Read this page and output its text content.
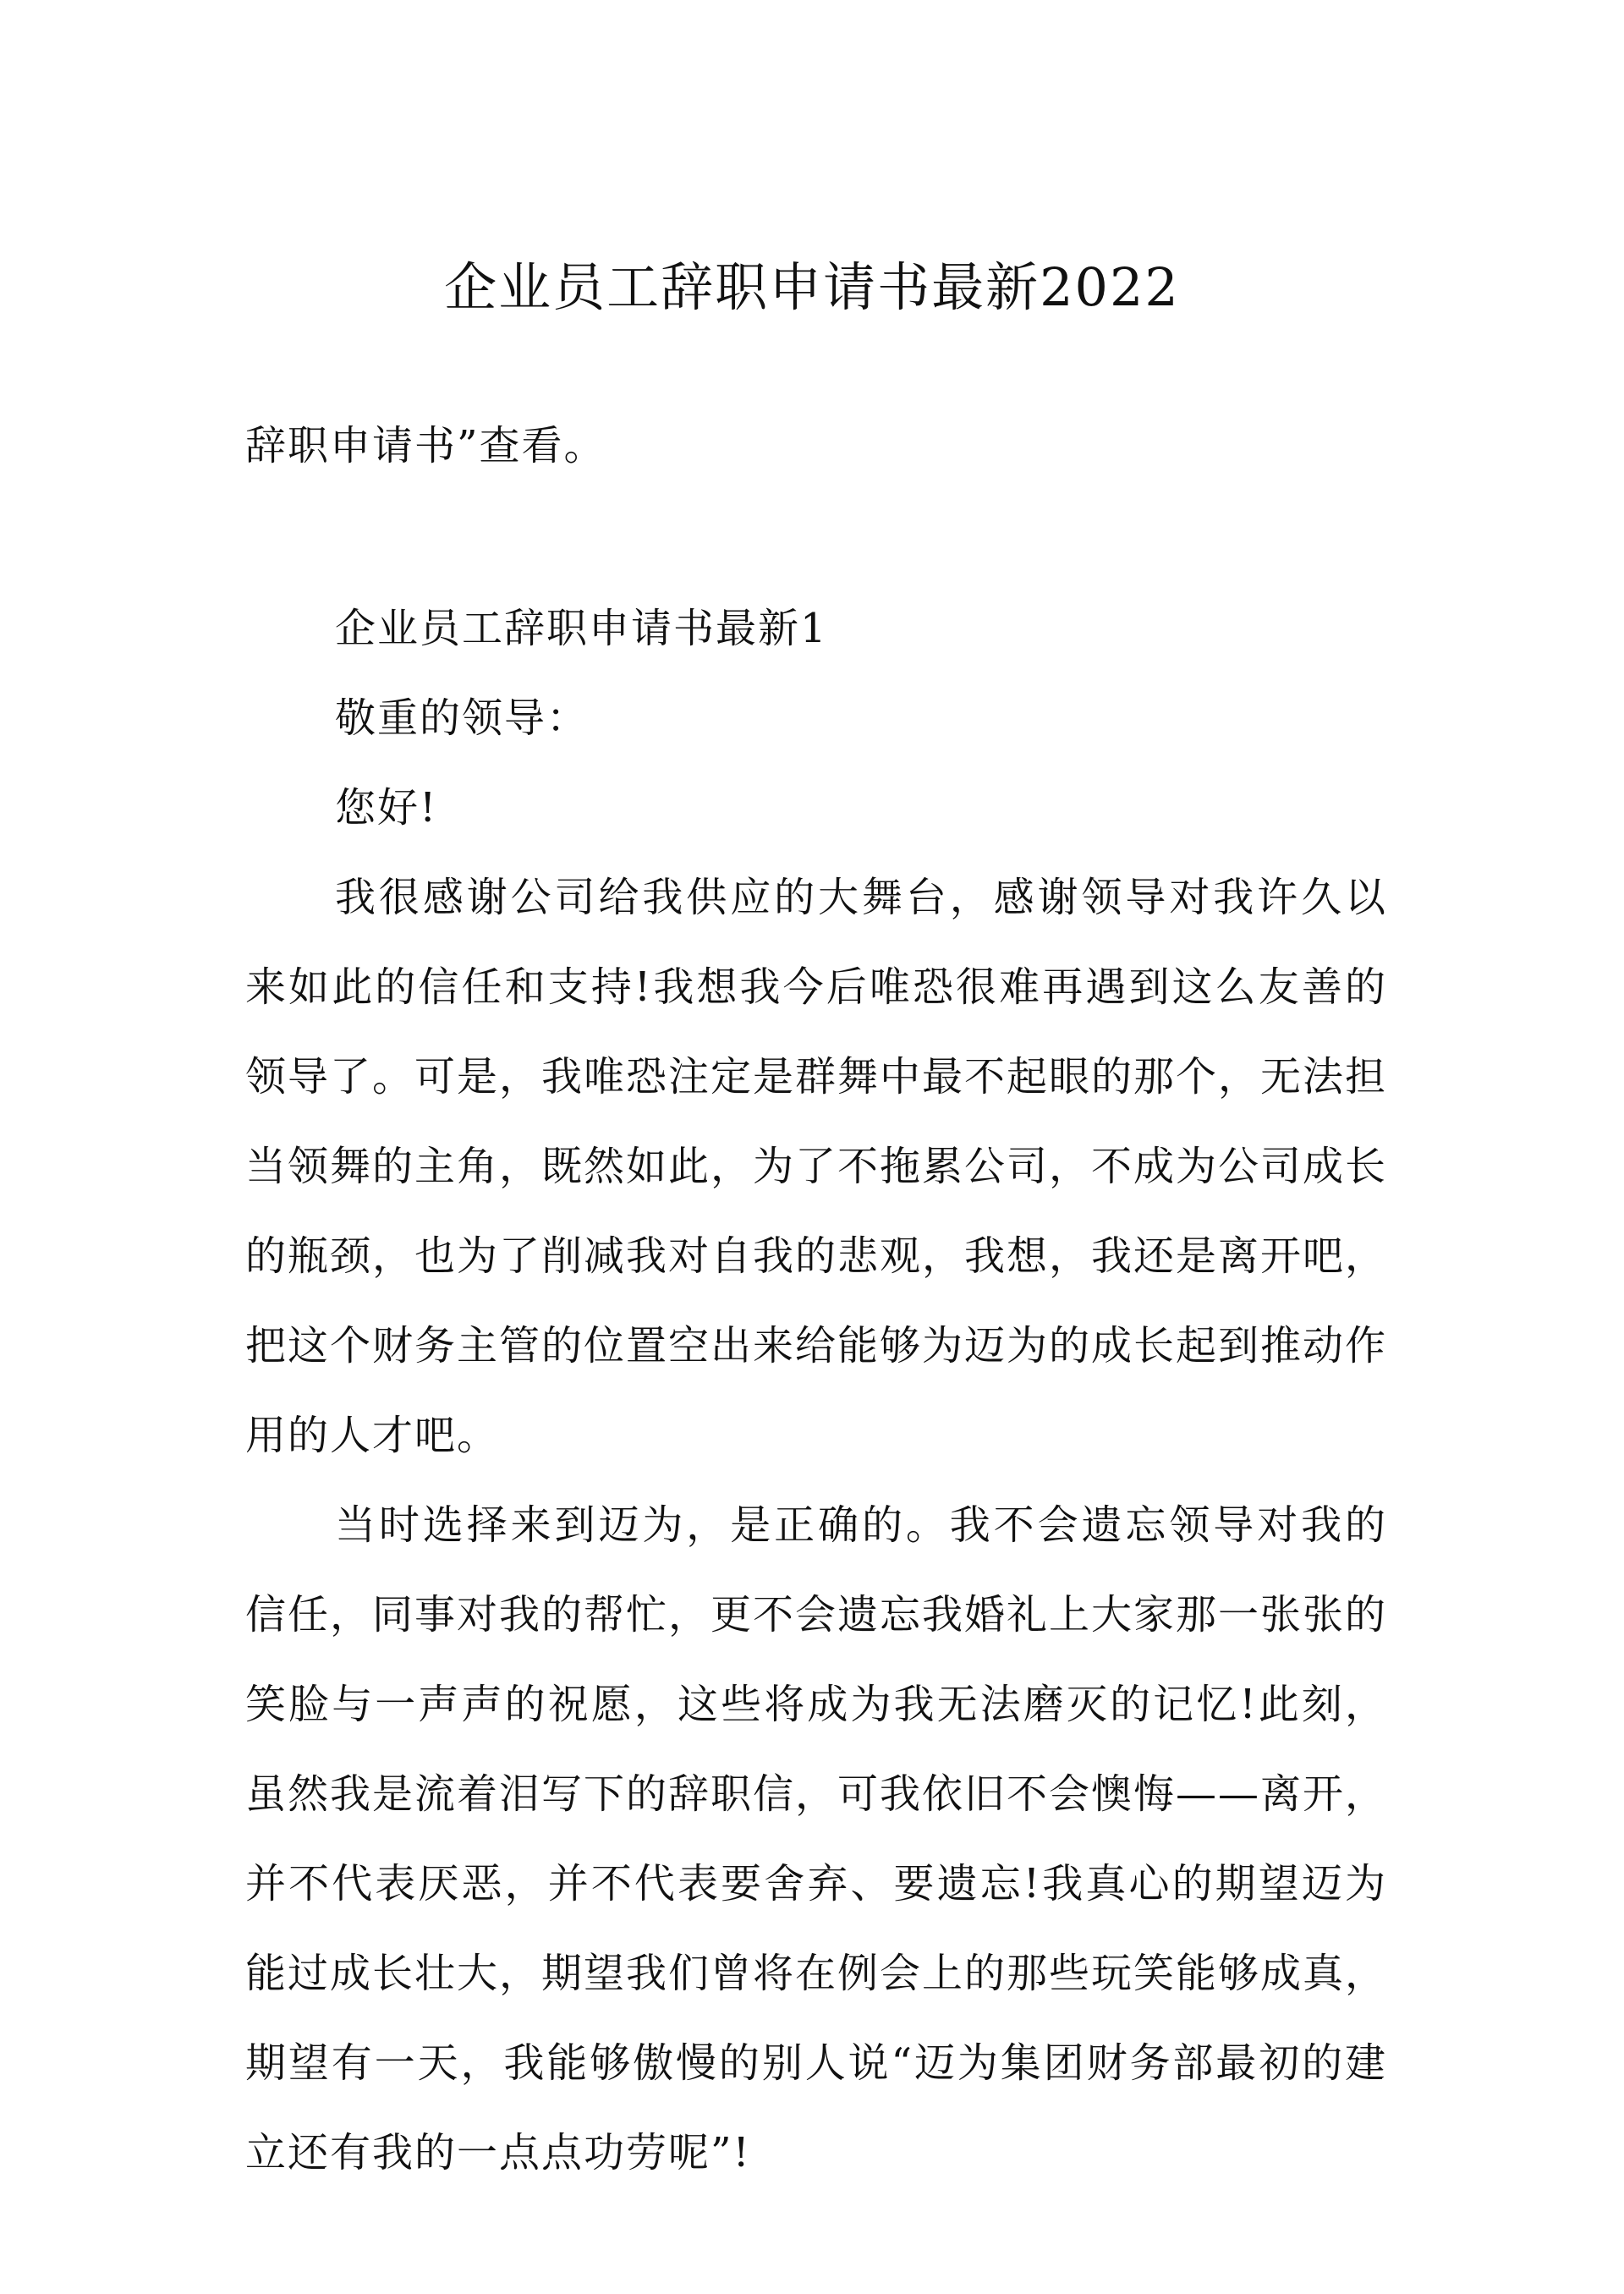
企业员工辞职申请书最新2022

辞职申请书”查看。

企业员工辞职申请书最新1

敬重的领导：

您好!

我很感谢公司给我供应的大舞台，感谢领导对我许久以来如此的信任和支持!我想我今后唯恐很难再遇到这么友善的领导了。可是，我唯恐注定是群舞中最不起眼的那个，无法担当领舞的主角，既然如此，为了不拖累公司，不成为公司成长的瓶颈，也为了削减我对自我的悲观，我想，我还是离开吧，把这个财务主管的位置空出来给能够为迈为的成长起到推动作用的人才吧。

当时选择来到迈为，是正确的。我不会遗忘领导对我的信任，同事对我的帮忙，更不会遗忘我婚礼上大家那一张张的笑脸与一声声的祝愿，这些将成为我无法磨灭的记忆!此刻，虽然我是流着泪写下的辞职信，可我依旧不会懊悔——离开，并不代表厌恶，并不代表要舍弃、要遗忘!我真心的期望迈为能过成长壮大，期望我们曾将在例会上的那些玩笑能够成真，期望有一天，我能够傲慢的别人说“迈为集团财务部最初的建立还有我的一点点功劳呢”!
